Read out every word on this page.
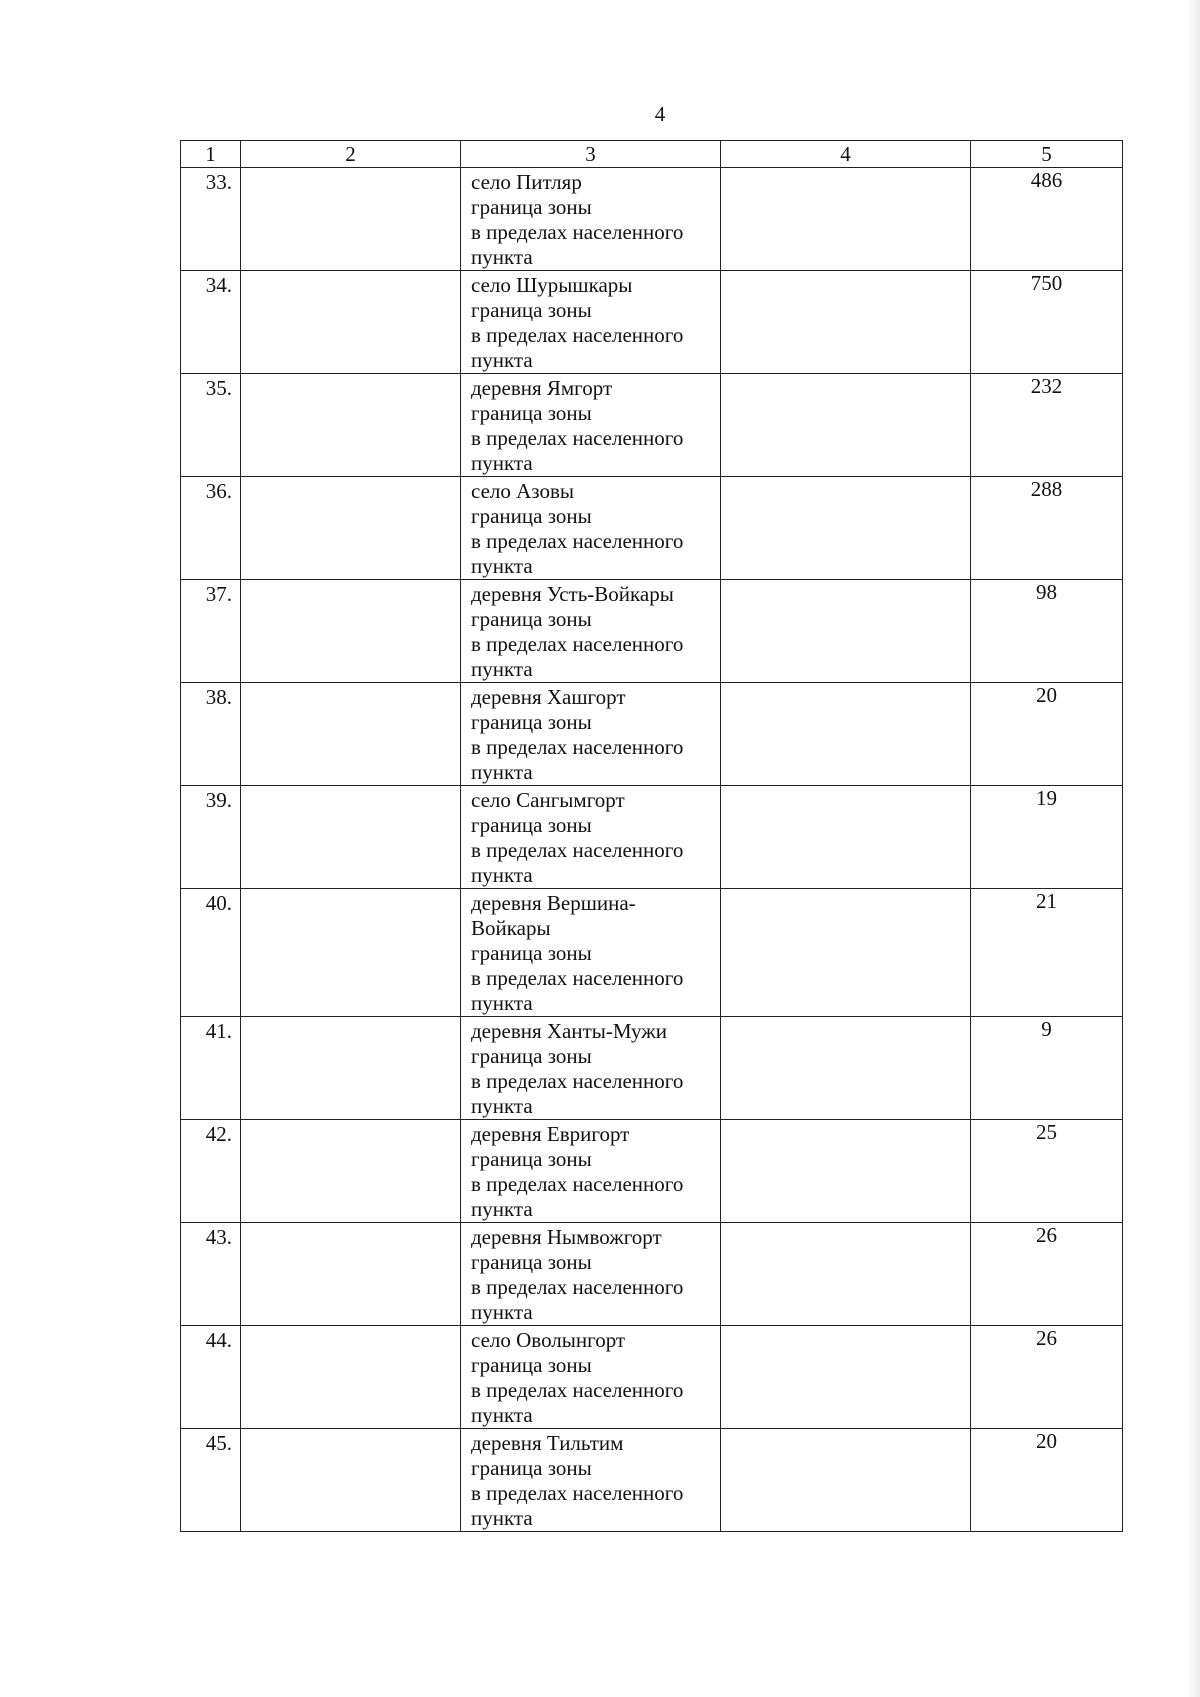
4
1	2	3	4	5

33.		село Питляр
граница зоны
в пределах населенного
пункта		486

34.		село Шурышкары
граница зоны
в пределах населенного
пункта		750

35.		деревня Ямгорт
граница зоны
в пределах населенного
пункта		232

36.		село Азовы
граница зоны
в пределах населенного
пункта		288

37.		деревня Усть-Войкары
граница зоны
в пределах населенного
пункта		98

38.		деревня Хашгорт
граница зоны
в пределах населенного
пункта		20

39.		село Сангымгорт
граница зоны
в пределах населенного
пункта		19

40.		деревня Вершина-
Войкары
граница зоны
в пределах населенного
пункта		21

41.		деревня Ханты-Мужи
граница зоны
в пределах населенного
пункта		9

42.		деревня Евригорт
граница зоны
в пределах населенного
пункта		25

43.		деревня Нымвожгорт
граница зоны
в пределах населенного
пункта		26

44.		село Оволынгорт
граница зоны
в пределах населенного
пункта		26

45.		деревня Тильтим
граница зоны
в пределах населенного
пункта		20
